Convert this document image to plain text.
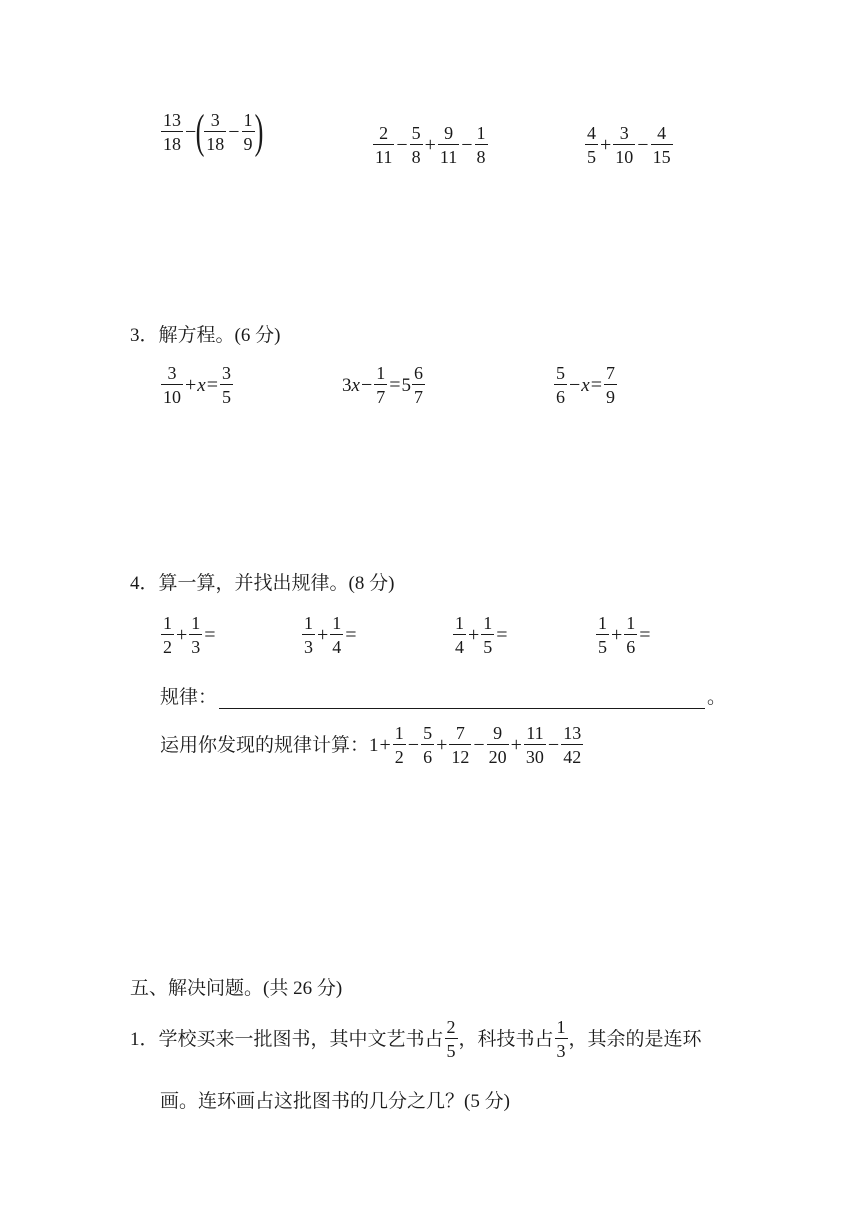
$\frac{13}{18}$ − ( $\frac{3}{18} - \frac{1}{9}$ )	$\frac{2}{11} - \frac{5}{8} + \frac{9}{11} - \frac{1}{8}$	$\frac{4}{5} + \frac{3}{10} - \frac{4}{15}$
3．解方程。(6 分)
$\frac{3}{10} + x = \frac{3}{5}$	3 $x - \frac{1}{7} = 5 \frac{6}{7}$	$\frac{5}{6} - x = \frac{7}{9}$
4．算一算，并找出规律。(8 分)
$\frac{1}{2} + \frac{1}{3}$ =	$\frac{1}{3} + \frac{1}{4}$ =	$\frac{1}{4} + \frac{1}{5}$ =	$\frac{1}{5} + \frac{1}{6}$ =
规律：	。
运用你发现的规律计算： $1 + \frac{1}{2} - \frac{5}{6} + \frac{7}{12} - \frac{9}{20} + \frac{11}{30} - \frac{13}{42}$
五、解决问题。(共 26 分)
1．学校买来一批图书，其中文艺书占 $\frac{2}{5}$ ，科技书占 $\frac{1}{3}$ ，其余的是连环
画。连环画占这批图书的几分之几？(5 分)
